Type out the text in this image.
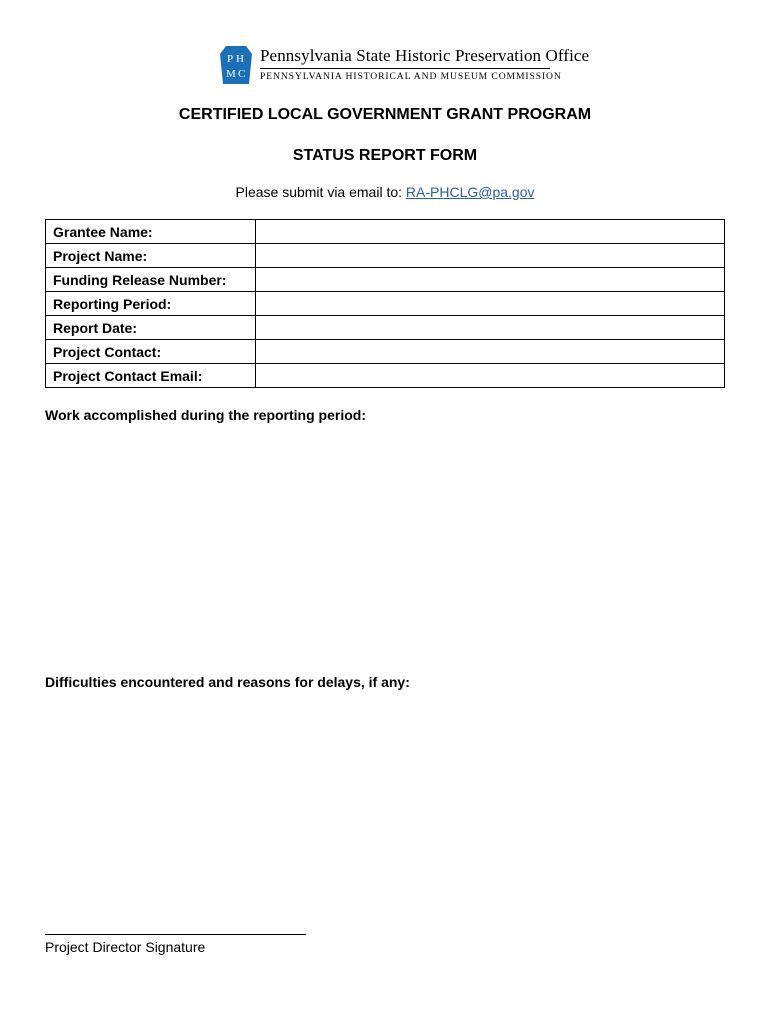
P H
M C
Pennsylvania State Historic Preservation Office
PENNSYLVANIA HISTORICAL AND MUSEUM COMMISSION
CERTIFIED LOCAL GOVERNMENT GRANT PROGRAM
STATUS REPORT FORM
Please submit via email to: RA-PHCLG@pa.gov
Grantee Name:	
Project Name:	
Funding Release Number:	
Reporting Period:	
Report Date:	
Project Contact:	
Project Contact Email:	
Work accomplished during the reporting period:
Difficulties encountered and reasons for delays, if any:
Project Director Signature
